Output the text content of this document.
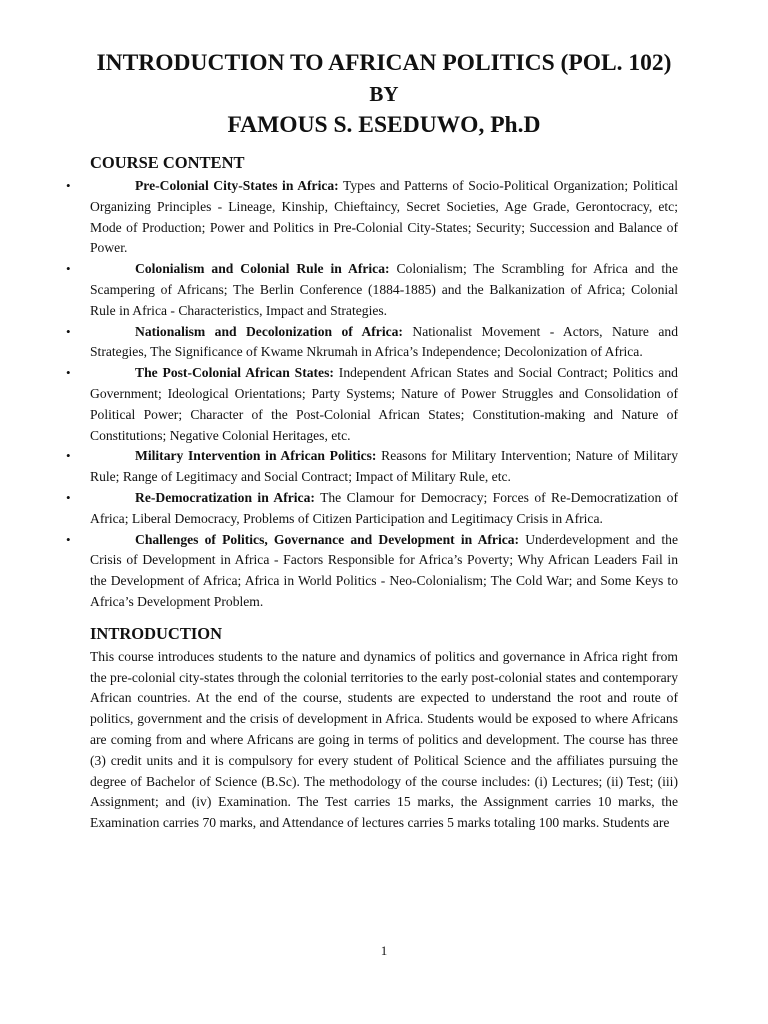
INTRODUCTION TO AFRICAN POLITICS (POL. 102)
BY
FAMOUS S. ESEDUWO, Ph.D
COURSE CONTENT
•	Pre-Colonial City-States in Africa: Types and Patterns of Socio-Political Organization; Political Organizing Principles ‐ Lineage, Kinship, Chieftaincy, Secret Societies, Age Grade, Gerontocracy, etc; Mode of Production; Power and Politics in Pre-Colonial City-States; Security; Succession and Balance of Power.
•	Colonialism and Colonial Rule in Africa: Colonialism; The Scrambling for Africa and the Scampering of Africans; The Berlin Conference (1884-1885) and the Balkanization of Africa; Colonial Rule in Africa ‐ Characteristics, Impact and Strategies.
•	Nationalism and Decolonization of Africa: Nationalist Movement ‐ Actors, Nature and Strategies, The Significance of Kwame Nkrumah in Africa’s Independence; Decolonization of Africa.
•	The Post-Colonial African States: Independent African States and Social Contract; Politics and Government; Ideological Orientations; Party Systems; Nature of Power Struggles and Consolidation of Political Power; Character of the Post-Colonial African States; Constitution-making and Nature of Constitutions; Negative Colonial Heritages, etc.
•	Military Intervention in African Politics: Reasons for Military Intervention; Nature of Military Rule; Range of Legitimacy and Social Contract; Impact of Military Rule, etc.
•	Re-Democratization in Africa: The Clamour for Democracy; Forces of Re-Democratization of Africa; Liberal Democracy, Problems of Citizen Participation and Legitimacy Crisis in Africa.
•	Challenges of Politics, Governance and Development in Africa: Underdevelopment and the Crisis of Development in Africa ‐ Factors Responsible for Africa’s Poverty; Why African Leaders Fail in the Development of Africa; Africa in World Politics - Neo-Colonialism; The Cold War; and Some Keys to Africa’s Development Problem.
INTRODUCTION

This course introduces students to the nature and dynamics of politics and governance in Africa right from the pre-colonial city-states through the colonial territories to the early post-colonial states and contemporary African countries. At the end of the course, students are expected to understand the root and route of politics, government and the crisis of development in Africa. Students would be exposed to where Africans are coming from and where Africans are going in terms of politics and development. The course has three (3) credit units and it is compulsory for every student of Political Science and the affiliates pursuing the degree of Bachelor of Science (B.Sc). The methodology of the course includes: (i) Lectures; (ii) Test; (iii) Assignment; and (iv) Examination. The Test carries 15 marks, the Assignment carries 10 marks, the Examination carries 70 marks, and Attendance of lectures carries 5 marks totaling 100 marks. Students are

1
